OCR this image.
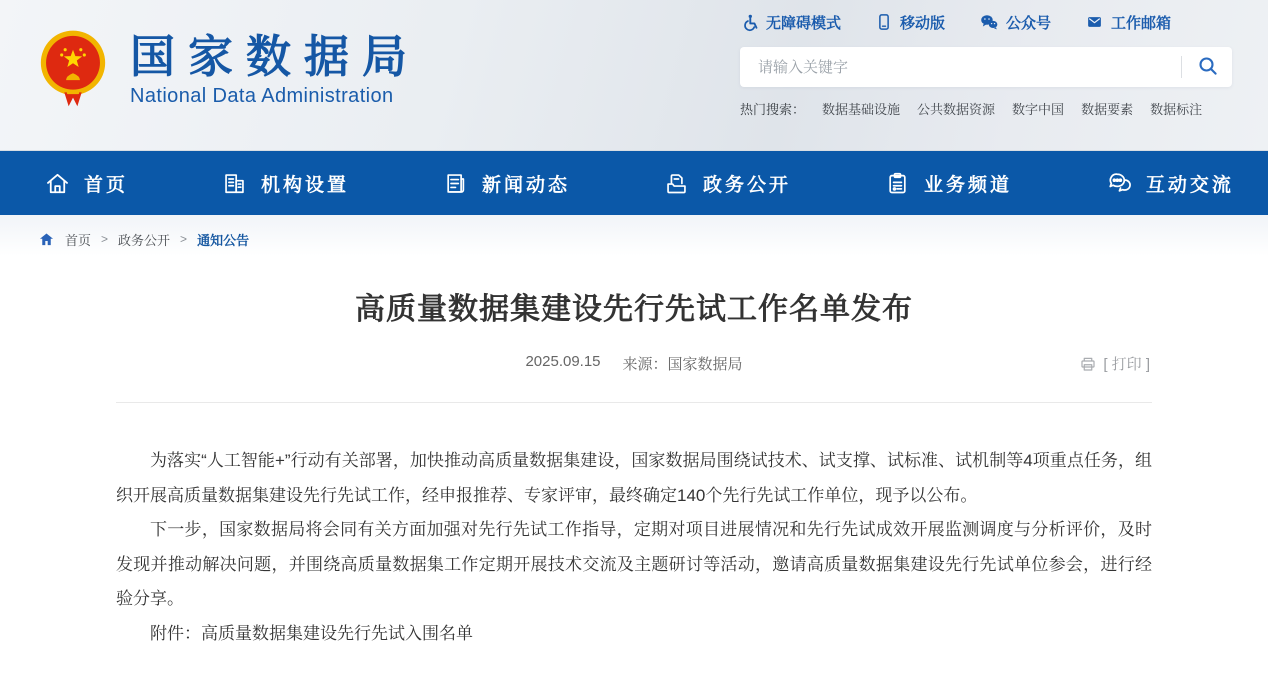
国家数据局
National Data Administration
无障碍模式	移动版	公众号	工作邮箱
请输入关键字
热门搜索： 数据基础设施 公共数据资源 数字中国 数据要素 数据标注
首页	机构设置	新闻动态	政务公开	业务频道	互动交流
首页 > 政务公开 > 通知公告
高质量数据集建设先行先试工作名单发布
2025.09.15 来源：国家数据局	[ 打印 ]

为落实“人工智能+”行动有关部署，加快推动高质量数据集建设，国家数据局围绕试技术、试支撑、试标准、试机制等4项重点任务，组织开展高质量数据集建设先行先试工作，经申报推荐、专家评审，最终确定140个先行先试工作单位，现予以公布。

下一步，国家数据局将会同有关方面加强对先行先试工作指导，定期对项目进展情况和先行先试成效开展监测调度与分析评价，及时发现并推动解决问题，并围绕高质量数据集工作定期开展技术交流及主题研讨等活动，邀请高质量数据集建设先行先试单位参会，进行经验分享。

附件：高质量数据集建设先行先试入围名单
